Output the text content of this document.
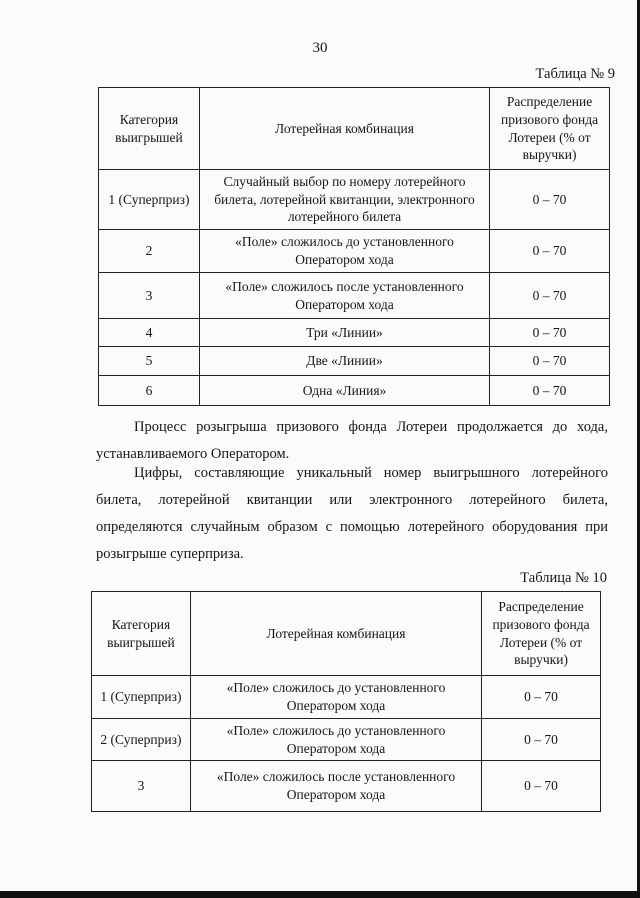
30
Таблица № 9
Категория выигрышей	Лотерейная комбинация	Распределение призового фонда Лотереи (% от выручки)
1 (Суперприз)	Случайный выбор по номеру лотерейного билета, лотерейной квитанции, электронного лотерейного билета	0 – 70
2	«Поле» сложилось до установленного Оператором хода	0 – 70
3	«Поле» сложилось после установленного Оператором хода	0 – 70
4	Три «Линии»	0 – 70
5	Две «Линии»	0 – 70
6	Одна «Линия»	0 – 70

Процесс розыгрыша призового фонда Лотереи продолжается до хода, устанавливаемого Оператором.

Цифры, составляющие уникальный номер выигрышного лотерейного билета, лотерейной квитанции или электронного лотерейного билета, определяются случайным образом с помощью лотерейного оборудования при розыгрыше суперприза.

Таблица № 10
Категория выигрышей	Лотерейная комбинация	Распределение призового фонда Лотереи (% от выручки)
1 (Суперприз)	«Поле» сложилось до установленного Оператором хода	0 – 70
2 (Суперприз)	«Поле» сложилось до установленного Оператором хода	0 – 70
3	«Поле» сложилось после установленного Оператором хода	0 – 70
